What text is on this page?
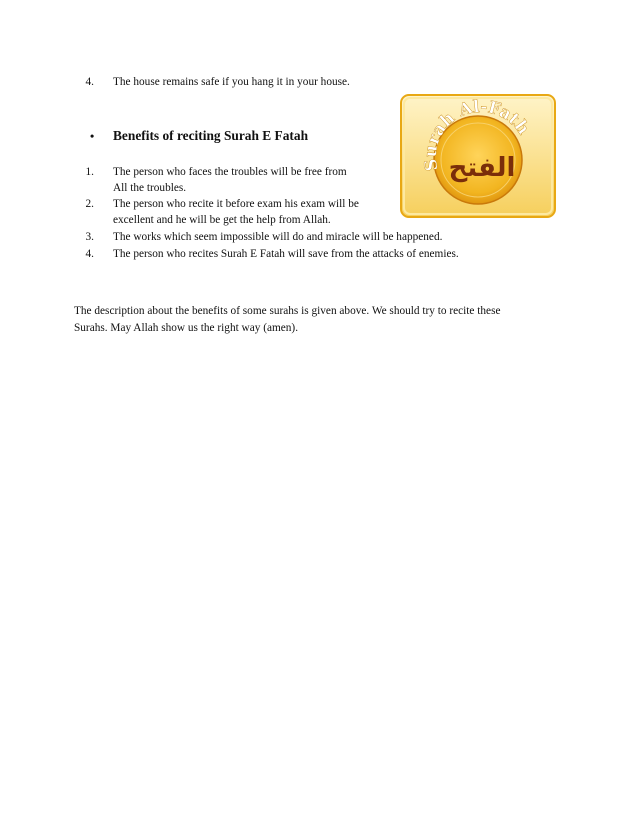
4. The house remains safe if you hang it in your house.
Surah Al-Fath
الفتح
• Benefits of reciting Surah E Fatah
1. The person who faces the troubles will be free from
All the troubles.
2. The person who recite it before exam his exam will be
excellent and he will be get the help from Allah.
3. The works which seem impossible will do and miracle will be happened.
4. The person who recites Surah E Fatah will save from the attacks of enemies.

The description about the benefits of some surahs is given above. We should try to recite these

Surahs. May Allah show us the right way (amen).
